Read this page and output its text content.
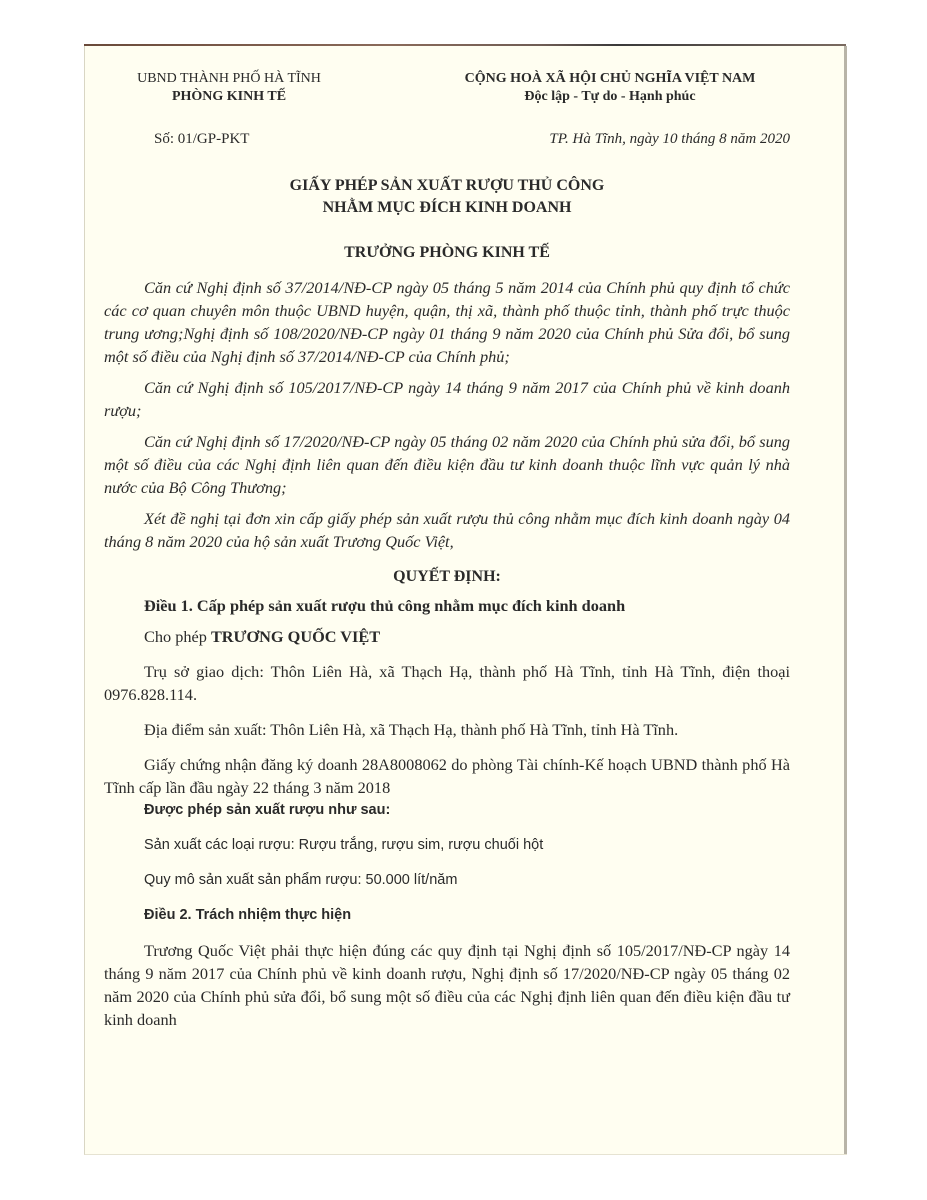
UBND THÀNH PHỐ HÀ TĨNH
PHÒNG KINH TẾ
CỘNG HOÀ XÃ HỘI CHỦ NGHĨA VIỆT NAM
Độc lập - Tự do - Hạnh phúc
Số: 01/GP-PKT	TP. Hà Tĩnh, ngày 10 tháng 8 năm 2020
GIẤY PHÉP SẢN XUẤT RƯỢU THỦ CÔNG
NHẰM MỤC ĐÍCH KINH DOANH
TRƯỞNG PHÒNG KINH TẾ

Căn cứ Nghị định số 37/2014/NĐ-CP ngày 05 tháng 5 năm 2014 của Chính phủ quy định tổ chức các cơ quan chuyên môn thuộc UBND huyện, quận, thị xã, thành phố thuộc tỉnh, thành phố trực thuộc trung ương;Nghị định số 108/2020/NĐ-CP ngày 01 tháng 9 năm 2020 của Chính phủ Sửa đổi, bổ sung một số điều của Nghị định số 37/2014/NĐ-CP của Chính phủ;

Căn cứ Nghị định số 105/2017/NĐ-CP ngày 14 tháng 9 năm 2017 của Chính phủ về kinh doanh rượu;

Căn cứ Nghị định số 17/2020/NĐ-CP ngày 05 tháng 02 năm 2020 của Chính phủ sửa đổi, bổ sung một số điều của các Nghị định liên quan đến điều kiện đầu tư kinh doanh thuộc lĩnh vực quản lý nhà nước của Bộ Công Thương;

Xét đề nghị tại đơn xin cấp giấy phép sản xuất rượu thủ công nhằm mục đích kinh doanh ngày 04 tháng 8 năm 2020 của hộ sản xuất Trương Quốc Việt,

QUYẾT ĐỊNH:

Điều 1. Cấp phép sản xuất rượu thủ công nhằm mục đích kinh doanh

Cho phép TRƯƠNG QUỐC VIỆT

Trụ sở giao dịch: Thôn Liên Hà, xã Thạch Hạ, thành phố Hà Tĩnh, tỉnh Hà Tĩnh, điện thoại 0976.828.114.

Địa điểm sản xuất: Thôn Liên Hà, xã Thạch Hạ, thành phố Hà Tĩnh, tỉnh Hà Tĩnh.

Giấy chứng nhận đăng ký doanh 28A8008062 do phòng Tài chính-Kế hoạch UBND thành phố Hà Tĩnh cấp lần đầu ngày 22 tháng 3 năm 2018

Được phép sản xuất rượu như sau:

Sản xuất các loại rượu: Rượu trắng, rượu sim, rượu chuối hột

Quy mô sản xuất sản phẩm rượu: 50.000 lít/năm

Điều 2. Trách nhiệm thực hiện

Trương Quốc Việt phải thực hiện đúng các quy định tại Nghị định số 105/2017/NĐ-CP ngày 14 tháng 9 năm 2017 của Chính phủ về kinh doanh rượu, Nghị định số 17/2020/NĐ-CP ngày 05 tháng 02 năm 2020 của Chính phủ sửa đổi, bổ sung một số điều của các Nghị định liên quan đến điều kiện đầu tư kinh doanh
